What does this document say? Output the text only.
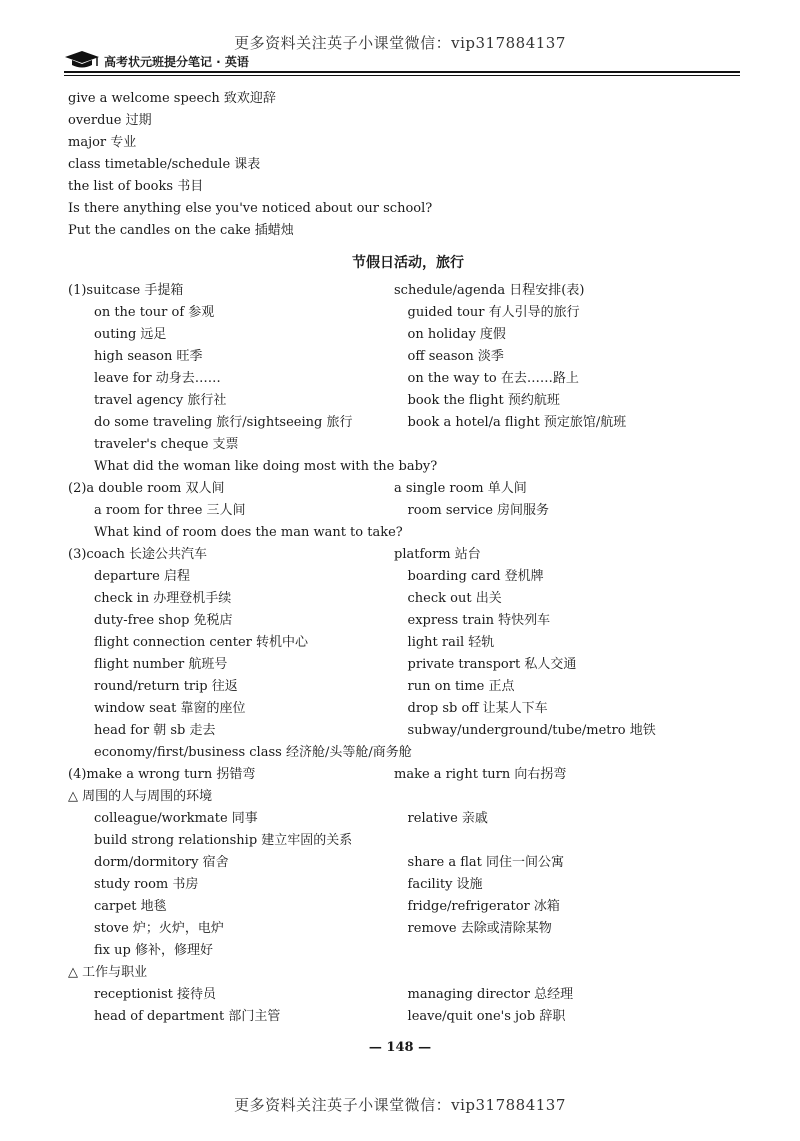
更多资料关注英子小课堂微信：vip317884137
高考状元班提分笔记 · 英语
give a welcome speech 致欢迎辞
overdue 过期
major 专业
class timetable/schedule 课表
the list of books 书目
Is there anything else you've noticed about our school?
Put the candles on the cake 插蜡烛
节假日活动，旅行
(1)suitcase 手提箱	schedule/agenda 日程安排(表)
on the tour of 参观	guided tour 有人引导的旅行
outing 远足	on holiday 度假
high season 旺季	off season 淡季
leave for 动身去……	on the way to 在去……路上
travel agency 旅行社	book the flight 预约航班
do some traveling 旅行/sightseeing 旅行	book a hotel/a flight 预定旅馆/航班
traveler's cheque 支票
What did the woman like doing most with the baby?
(2)a double room 双人间	a single room 单人间
a room for three 三人间	room service 房间服务
What kind of room does the man want to take?
(3)coach 长途公共汽车	platform 站台
departure 启程	boarding card 登机牌
check in 办理登机手续	check out 出关
duty-free shop 免税店	express train 特快列车
flight connection center 转机中心	light rail 轻轨
flight number 航班号	private transport 私人交通
round/return trip 往返	run on time 正点
window seat 靠窗的座位	drop sb off 让某人下车
head for 朝 sb 走去	subway/underground/tube/metro 地铁
economy/first/business class 经济舱/头等舱/商务舱
(4)make a wrong turn 拐错弯	make a right turn 向右拐弯
△ 周围的人与周围的环境
colleague/workmate 同事	relative 亲戚
build strong relationship 建立牢固的关系
dorm/dormitory 宿舍	share a flat 同住一间公寓
study room 书房	facility 设施
carpet 地毯	fridge/refrigerator 冰箱
stove 炉；火炉，电炉	remove 去除或清除某物
fix up 修补，修理好
△ 工作与职业
receptionist 接待员	managing director 总经理
head of department 部门主管	leave/quit one's job 辞职
— 148 —
更多资料关注英子小课堂微信：vip317884137
